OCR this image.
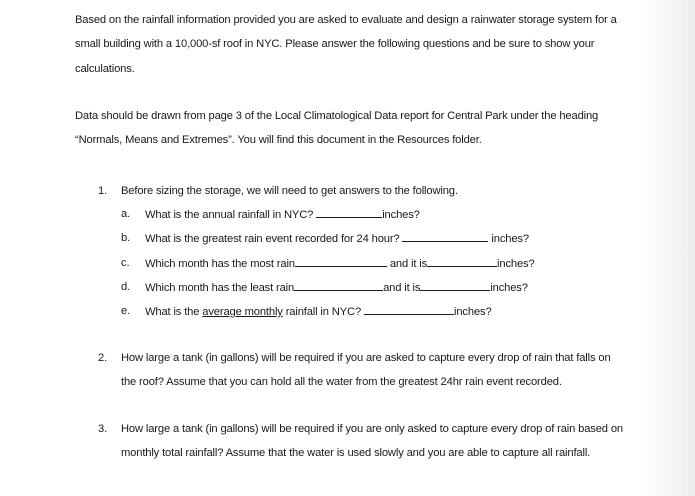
Based on the rainfall information provided you are asked to evaluate and design a rainwater storage system for a
small building with a 10,000-sf roof in NYC. Please answer the following questions and be sure to show your
calculations.
Data should be drawn from page 3 of the Local Climatological Data report for Central Park under the heading
“Normals, Means and Extremes”. You will find this document in the Resources folder.
1.	Before sizing the storage, we will need to get answers to the following.
a.	What is the annual rainfall in NYC?	inches?
b.	What is the greatest rain event recorded for 24 hour?	inches?
c.	Which month has the most rain	and it is	inches?
d.	Which month has the least rain	and it is	inches?
e.	What is the average monthly rainfall in NYC?	inches?
2.	How large a tank (in gallons) will be required if you are asked to capture every drop of rain that falls on
the roof? Assume that you can hold all the water from the greatest 24hr rain event recorded.
3.	How large a tank (in gallons) will be required if you are only asked to capture every drop of rain based on
monthly total rainfall? Assume that the water is used slowly and you are able to capture all rainfall.
